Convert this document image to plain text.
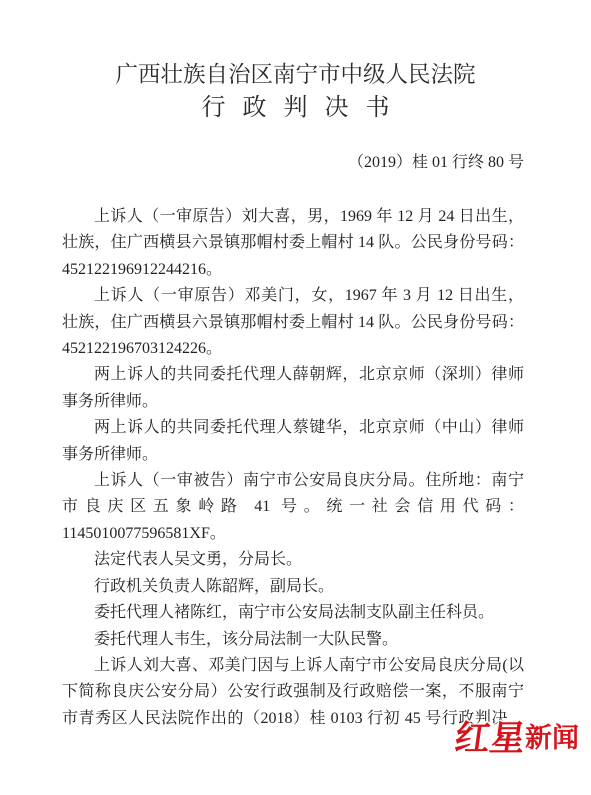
广西壮族自治区南宁市中级人民法院
行政判决书
（2019）桂 01 行终 80 号
上诉人（一审原告）刘大喜，男，1969 年 12 月 24 日出生，
壮族，住广西横县六景镇那帽村委上帽村 14 队。公民身份号码：
452122196912244216。
上诉人（一审原告）邓美门，女，1967 年 3 月 12 日出生，
壮族，住广西横县六景镇那帽村委上帽村 14 队。公民身份号码：
452122196703124226。
两上诉人的共同委托代理人薛朝辉，北京京师（深圳）律师
事务所律师。
两上诉人的共同委托代理人蔡键华，北京京师（中山）律师
事务所律师。
上诉人（一审被告）南宁市公安局良庆分局。住所地：南宁
市良庆区五象岭路 41 号。统一社会信用代码：
1145010077596581XF。
法定代表人吴文勇，分局长。
行政机关负责人陈韶辉，副局长。
委托代理人褚陈红，南宁市公安局法制支队副主任科员。
委托代理人韦生，该分局法制一大队民警。
上诉人刘大喜、邓美门因与上诉人南宁市公安局良庆分局(以
下简称良庆公安分局）公安行政强制及行政赔偿一案，不服南宁
市青秀区人民法院作出的（2018）桂 0103 行初 45 号行政判决，
红星新闻
